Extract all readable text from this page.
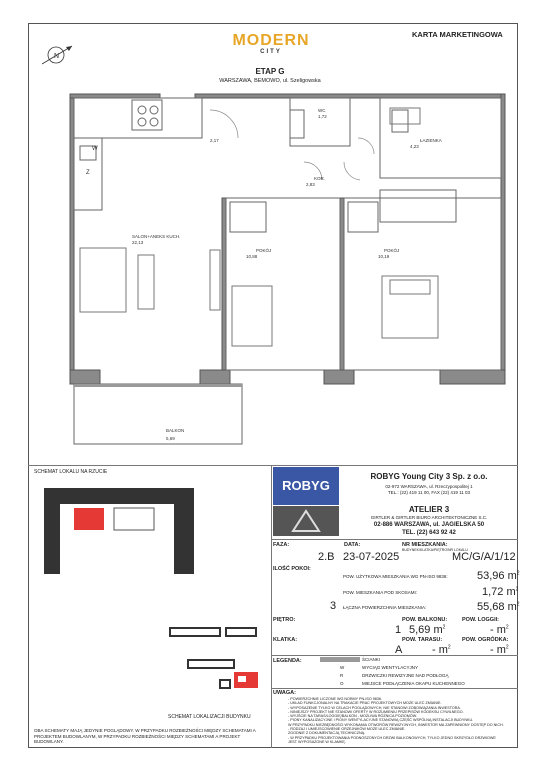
N
MODERN
CITY
KARTA MARKETINGOWA
ETAP G
WARSZAWA, BEMOWO, ul. Szeligowska
SALON+ANEKS KUCH.
22,13
POKÓJ
10,88
POKÓJ
10,19
WC
1,72
ŁAZIENKA
4,23
KOR.
2,83
2,17
BALKON
5,69
Z
W
SCHEMAT LOKALU NA RZUCIE
SCHEMAT LOKALIZACJI BUDYNKU
OBA SCHEMATY MAJĄ JEDYNIE POGLĄDOWY. W PRZYPADKU ROZBIEŻNOŚCI MIĘDZY SCHEMATAMI A PROJEKTEM BUDOWLANYM, W PRZYPADKU ROZBIEŻNOŚCI MIĘDZY SCHEMATAMI A PROJEKT BUDOWLANY.
ROBYG
ROBYG Young City 3 Sp. z o.o.
02-972 WARSZAWA, ul. Rzeczypospolitej 1
TEL.: (22) 419 11 00, FAX (22) 419 11 03
ATELIER 3
GIRTLER & GIRTLER BIURO ARCHITEKTONICZNE S.C.
02-886 WARSZAWA, ul. JAGIELSKA 50
TEL. (22) 643 92 42
FAZA:
2.B
DATA:
23-07-2025
NR MIESZKANIA:
BUDYNEK/KLATKA/PIĘTRO/NR LOKALU
MC/G/A/1/12
ILOŚĆ POKOI:
POW. UŻYTKOWA MIESZKANIA WG PN-ISO 9836:	53,96 $m^2$
POW. MIESZKANIA POD SKOSAMI:	1,72 $m^2$
3 ŁĄCZNA POWIERZCHNIA MIESZKANIA:	55,68 $m^2$
PIĘTRO:	POW. BALKONU:	POW. LOGGII:
1 5,69 $m^2$	- $m^2$
KLATKA:	POW. TARASU:	POW. OGRÓDKA:
A	- $m^2$	- $m^2$
LEGENDA:	ŚCIANKI
W	WYCIĄG WENTYLACYJNY
R	DRZWICZKI REWIZYJNE NAD PODŁOGĄ
O	MIEJSCE PODŁĄCZENIA OKAPU KUCHENNEGO
UWAGA:
- POWIERZCHNIE LICZONE WG NORMY PN-ISO 9836.
- UKŁAD FUNKCJONALNY NA TRAKACIE PRAC PROJEKTOWYCH MOŻE ULEC ZMIANIE.
- WYPOSAŻENIE TYLKO W CELACH POGLĄDOWYCH, NIE STANOWI ZOBOWIĄZANIA INWESTORA.
- NINIEJSZY PROJEKT NIE STANOWI OFERTY W ROZUMIENIU PRZEPISÓW KODEKSU CYWILNEGO.
- WYJŚCIE NA TARAS/LOGGIĘ/BALKON - MOŻLIWA RÓŻNICA POZIOMÓW.
- PIONY KANALIZACYJNE I PIONY WENTYLACYJNE STANOWIĄ CZĘŚĆ WSPÓLNĄ INSTALACJI BUDYNKU.
W PRZYPADKU NIEZBĘDNOŚCI WYKONANIA OTWORÓW REWIZYJNYCH, INWESTOR MA ZAPEWNIONY DOSTĘP DO NICH.
- RODZAJ I UMIEJSCOWIENIE GRZEJNIKÓW MOŻE ULEC ZMIANIE.
ZGODNIE Z DOKUMENTACJĄ TECHNICZNĄ.
- W PRZYPADKU PROJEKTOWANIA PODNOSZONYCH DRZWI BALKONOWYCH, TYLKO JEDNO SKRZYDŁO DRZWIOWE
JEST WYPOSAŻONE W KLAMKĘ.
